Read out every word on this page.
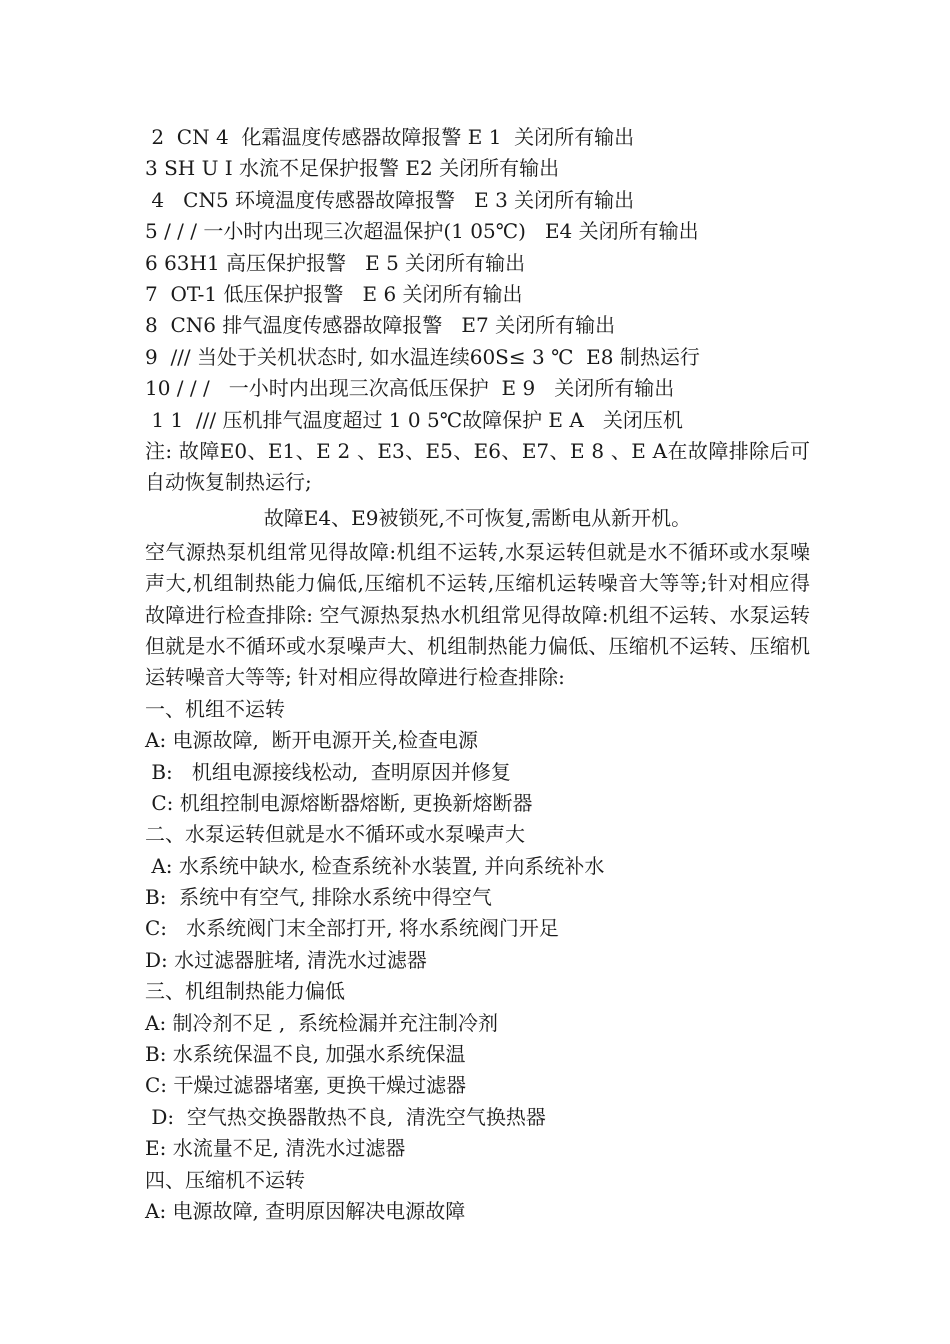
2  CN 4  化霜温度传感器故障报警 E 1  关闭所有输出
3 SH U I 水流不足保护报警 E2 关闭所有输出
4   CN5 环境温度传感器故障报警   E 3 关闭所有输出
5 / / / 一小时内出现三次超温保护(1 05℃)   E4 关闭所有输出
6 63H1 高压保护报警   E 5 关闭所有输出
7  OT-1 低压保护报警   E 6 关闭所有输出
8  CN6 排气温度传感器故障报警   E7 关闭所有输出
9  /// 当处于关机状态时, 如水温连续60S≤ 3 ℃  E8 制热运行
10 / / /   一小时内出现三次高低压保护  E 9   关闭所有输出
1 1  /// 压机排气温度超过 1 0 5℃故障保护 E A   关闭压机
注: 故障E0、E1、E 2 、E3、E5、E6、E7、E 8 、E A在故障排除后可自动恢复制热运行;
故障E4、E9被锁死,不可恢复,需断电从新开机。
空气源热泵机组常见得故障:机组不运转,水泵运转但就是水不循环或水泵噪声大,机组制热能力偏低,压缩机不运转,压缩机运转噪音大等等;针对相应得故障进行检查排除: 空气源热泵热水机组常见得故障:机组不运转、水泵运转但就是水不循环或水泵噪声大、机组制热能力偏低、压缩机不运转、压缩机运转噪音大等等; 针对相应得故障进行检查排除:
一、机组不运转
A: 电源故障,  断开电源开关,检查电源
B:   机组电源接线松动,  查明原因并修复
C: 机组控制电源熔断器熔断, 更换新熔断器
二、水泵运转但就是水不循环或水泵噪声大
A: 水系统中缺水, 检查系统补水装置, 并向系统补水
B:  系统中有空气, 排除水系统中得空气
C:   水系统阀门末全部打开, 将水系统阀门开足
D: 水过滤器脏堵, 清洗水过滤器
三、机组制热能力偏低
A: 制冷剂不足 ,  系统检漏并充注制冷剂
B: 水系统保温不良, 加强水系统保温
C: 干燥过滤器堵塞, 更换干燥过滤器
D:  空气热交换器散热不良,  清洗空气换热器
E: 水流量不足, 清洗水过滤器
四、压缩机不运转
A: 电源故障, 查明原因解决电源故障
